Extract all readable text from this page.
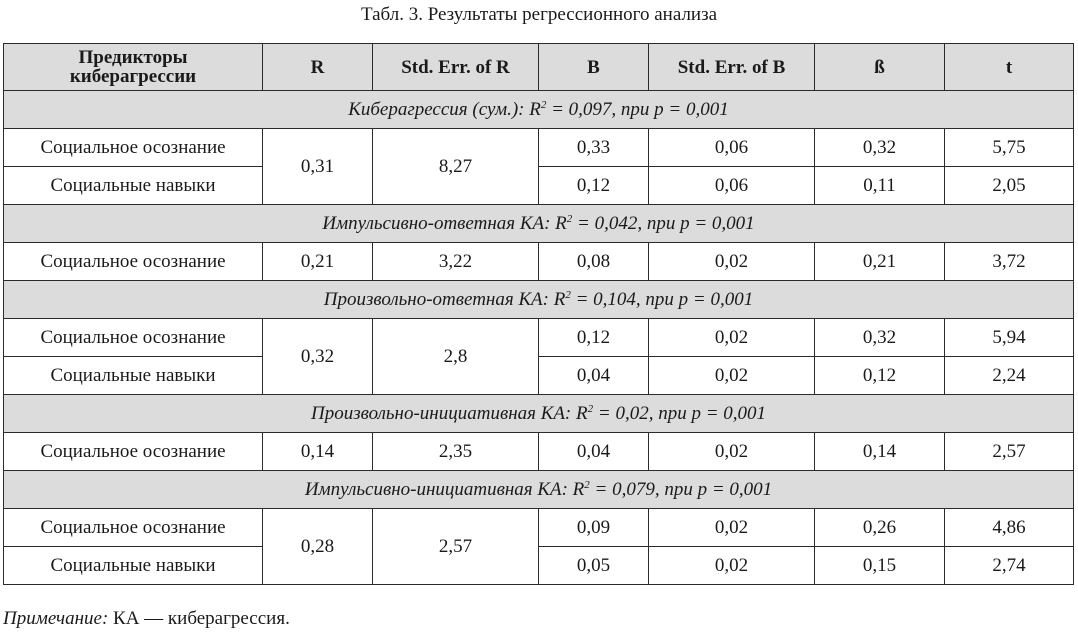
Табл. 3. Результаты регрессионного анализа
Предикторы
киберагрессии	R	Std. Err. of R	B	Std. Err. of B	ß	t
Киберагрессия (сум.): $R^2 = 0,097$, при p = 0,001						
Социальное осознание	0,31	8,27	0,33	0,06	0,32	5,75
Социальные навыки			0,12	0,06	0,11	2,05
Импульсивно-ответная КА: $R^2 = 0,042$, при p = 0,001						
Социальное осознание	0,21	3,22	0,08	0,02	0,21	3,72
Произвольно-ответная КА: $R^2 = 0,104$, при p = 0,001						
Социальное осознание	0,32	2,8	0,12	0,02	0,32	5,94
Социальные навыки			0,04	0,02	0,12	2,24
Произвольно-инициативная КА: $R^2 = 0,02$, при p = 0,001						
Социальное осознание	0,14	2,35	0,04	0,02	0,14	2,57
Импульсивно-инициативная КА: $R^2 = 0,079$, при p = 0,001						
Социальное осознание	0,28	2,57	0,09	0,02	0,26	4,86
Социальные навыки			0,05	0,02	0,15	2,74
Примечание: КА — киберагрессия.
